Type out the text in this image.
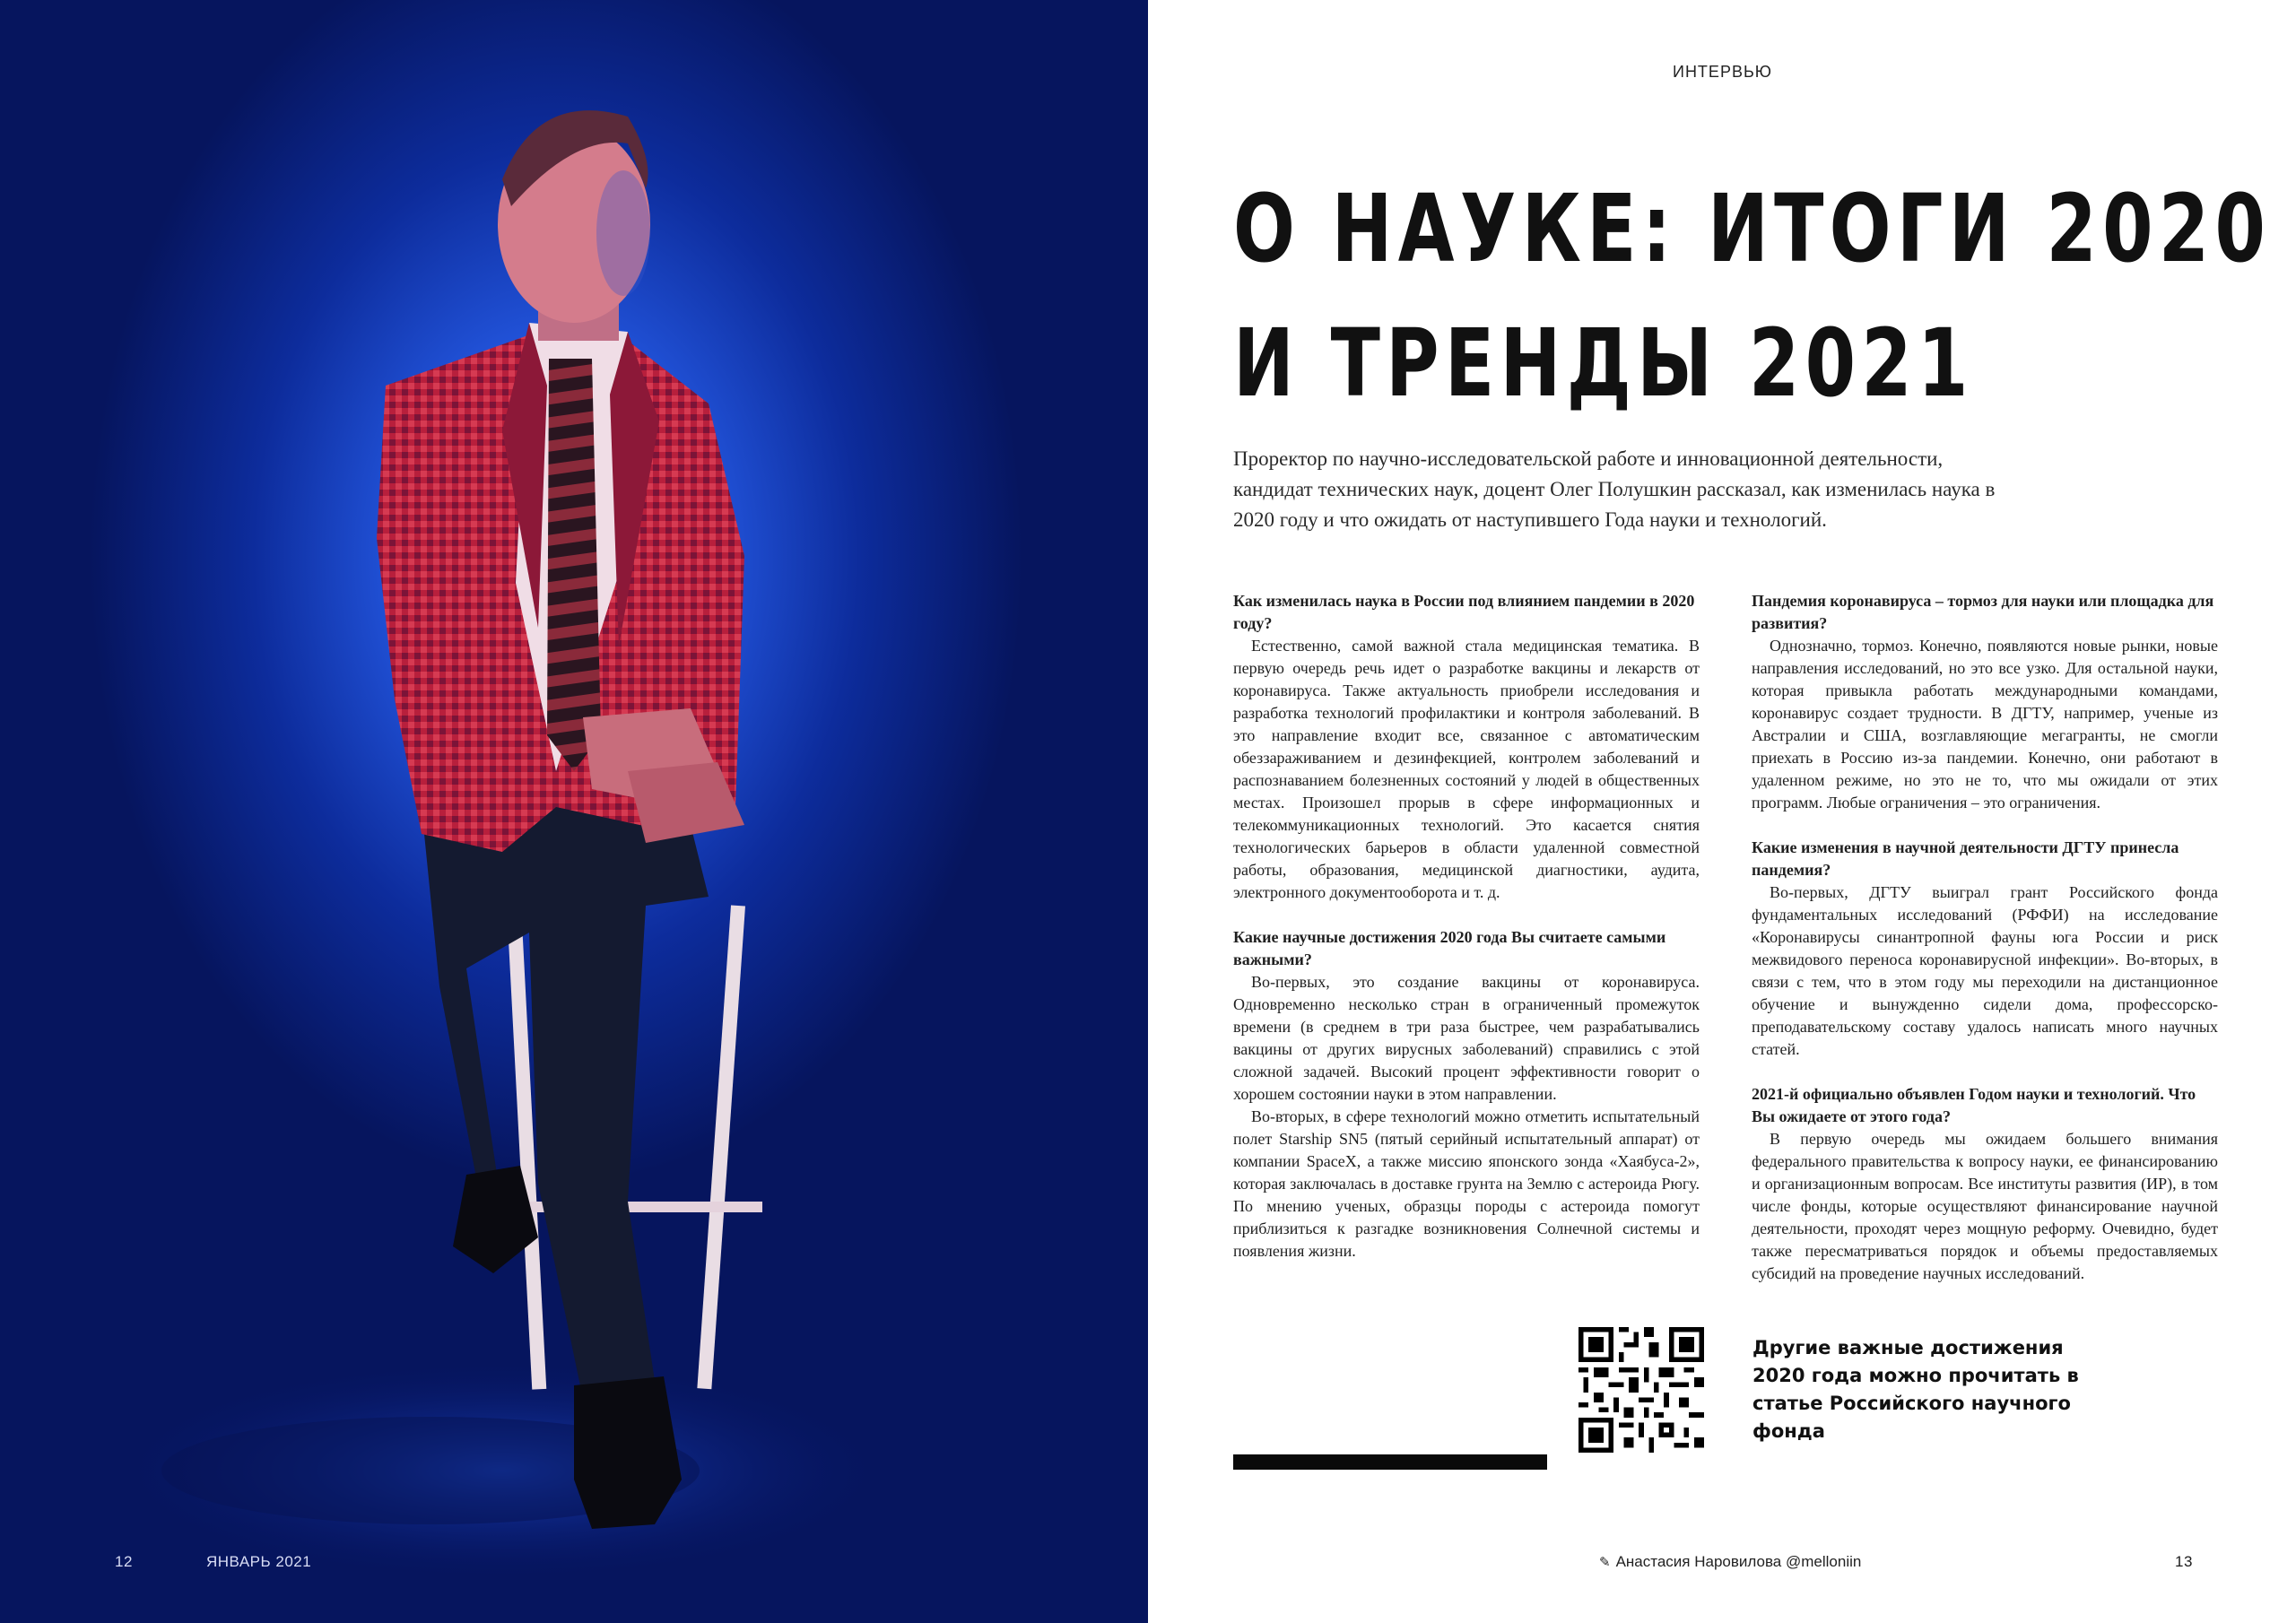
12	ЯНВАРЬ 2021
ИНТЕРВЬЮ
О НАУКЕ: ИТОГИ 2020
И ТРЕНДЫ 2021

Проректор по научно-исследовательской работе и инновационной деятельности, кандидат технических наук, доцент Олег Полушкин рассказал, как изменилась наука в 2020 году и что ожидать от наступившего Года науки и технологий.

Как изменилась наука в России под влиянием пандемии в 2020 году?

Естественно, самой важной стала медицинская тематика. В первую очередь речь идет о разработке вакцины и лекарств от коронавируса. Также актуальность приобрели исследования и разработка технологий профилактики и контроля заболеваний. В это направление входит все, связанное с автоматическим обеззараживанием и дезинфекцией, контролем заболеваний и распознаванием болезненных состояний у людей в общественных местах. Произошел прорыв в сфере информационных и телекоммуникационных технологий. Это касается снятия технологических барьеров в области удаленной совместной работы, образования, медицинской диагностики, аудита, электронного документооборота и т. д.

Какие научные достижения 2020 года Вы считаете самыми важными?

Во-первых, это создание вакцины от коронавируса. Одновременно несколько стран в ограниченный промежуток времени (в среднем в три раза быстрее, чем разрабатывались вакцины от других вирусных заболеваний) справились с этой сложной задачей. Высокий процент эффективности говорит о хорошем состоянии науки в этом направлении.

Во-вторых, в сфере технологий можно отметить испытательный полет Starship SN5 (пятый серийный испытательный аппарат) от компании SpaceX, а также миссию японского зонда «Хаябуса-2», которая заключалась в доставке грунта на Землю с астероида Рюгу. По мнению ученых, образцы породы с астероида помогут приблизиться к разгадке возникновения Солнечной системы и появления жизни.

Пандемия коронавируса – тормоз для науки или площадка для развития?

Однозначно, тормоз. Конечно, появляются новые рынки, новые направления исследований, но это все узко. Для остальной науки, которая привыкла работать международными командами, коронавирус создает трудности. В ДГТУ, например, ученые из Австралии и США, возглавляющие мегагранты, не смогли приехать в Россию из-за пандемии. Конечно, они работают в удаленном режиме, но это не то, что мы ожидали от этих программ. Любые ограничения – это ограничения.

Какие изменения в научной деятельности ДГТУ принесла пандемия?

Во-первых, ДГТУ выиграл грант Российского фонда фундаментальных исследований (РФФИ) на исследование «Коронавирусы синантропной фауны юга России и риск межвидового переноса коронавирусной инфекции». Во-вторых, в связи с тем, что в этом году мы переходили на дистанционное обучение и вынужденно сидели дома, профессорско-преподавательскому составу удалось написать много научных статей.

2021-й официально объявлен Годом науки и технологий. Что Вы ожидаете от этого года?

В первую очередь мы ожидаем большего внимания федерального правительства к вопросу науки, ее финансированию и организационным вопросам. Все институты развития (ИР), в том числе фонды, которые осуществляют финансирование научной деятельности, проходят через мощную реформу. Очевидно, будет также пересматриваться порядок и объемы предоставляемых субсидий на проведение научных исследований.

Другие важные достижения 2020 года можно прочитать в статье Российского научного фонда

✎ Анастасия Наровилова @melloniin	13
